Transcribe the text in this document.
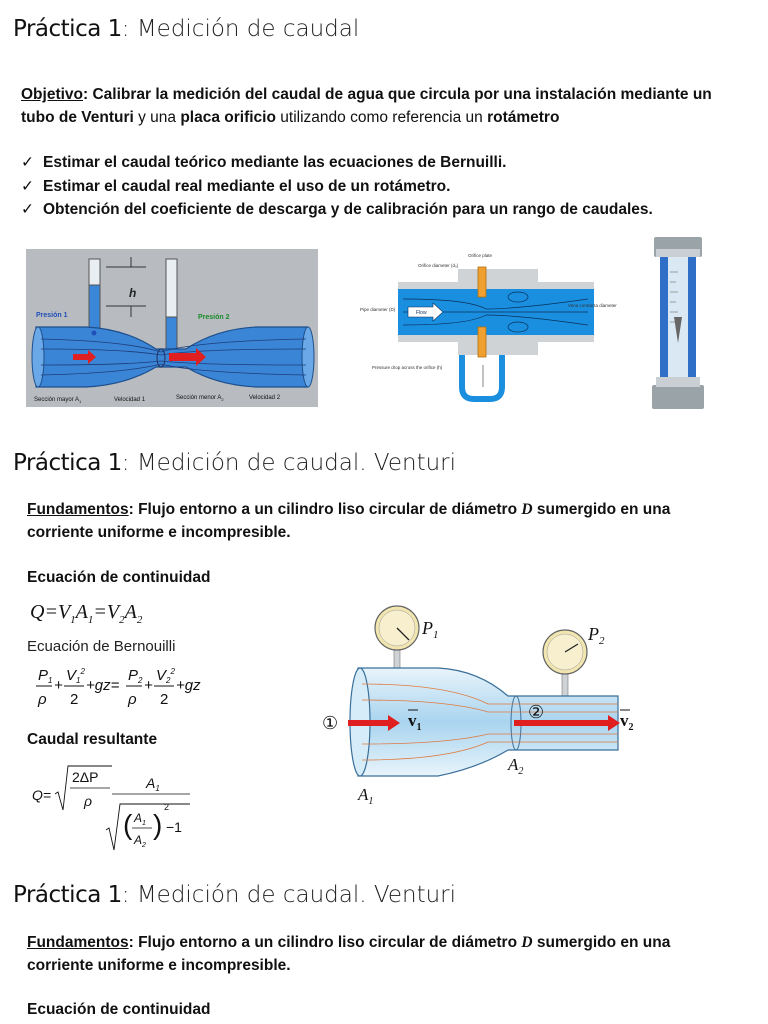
Práctica 1: Medición de caudal
Objetivo: Calibrar la medición del caudal de agua que circula por una instalación mediante un tubo de Venturi y una placa orificio utilizando como referencia un rotámetro
✓ Estimar el caudal teórico mediante las ecuaciones de Bernuilli.
✓ Estimar el caudal real mediante el uso de un rotámetro.
✓ Obtención del coeficiente de descarga y de calibración para un rango de caudales.
h
Presión 1	Presión 2
Sección mayor $A_1$	Velocidad 1	Sección menor $A_2$	Velocidad 2
Flow
Orifice plate
Orifice diameter (d₀)
Pipe diameter (D)
Vena contracta diameter
Pressure drop across the orifice (h)
Práctica 1: Medición de caudal. Venturi
Fundamentos: Flujo entorno a un cilindro liso circular de diámetro D sumergido en una corriente uniforme e incompresible.
Ecuación de continuidad
$Q=V_1A_1=V_2A_2$
Ecuación de Bernouilli
$P_1$
ρ
+
$V_1^2$
2
+gz=
$P_2$
ρ
+
$V_2^2$
2
+gz
Caudal resultante
Q=
2ΔP
ρ
$A_1$
( $A_1$
$A_2$
)
2
−1
$P_1$	$P_2$
①
②
$v_1$	$v_2$
$A_2$
$A_1$
Práctica 1: Medición de caudal. Venturi
Fundamentos: Flujo entorno a un cilindro liso circular de diámetro D sumergido en una corriente uniforme e incompresible.
Ecuación de continuidad
